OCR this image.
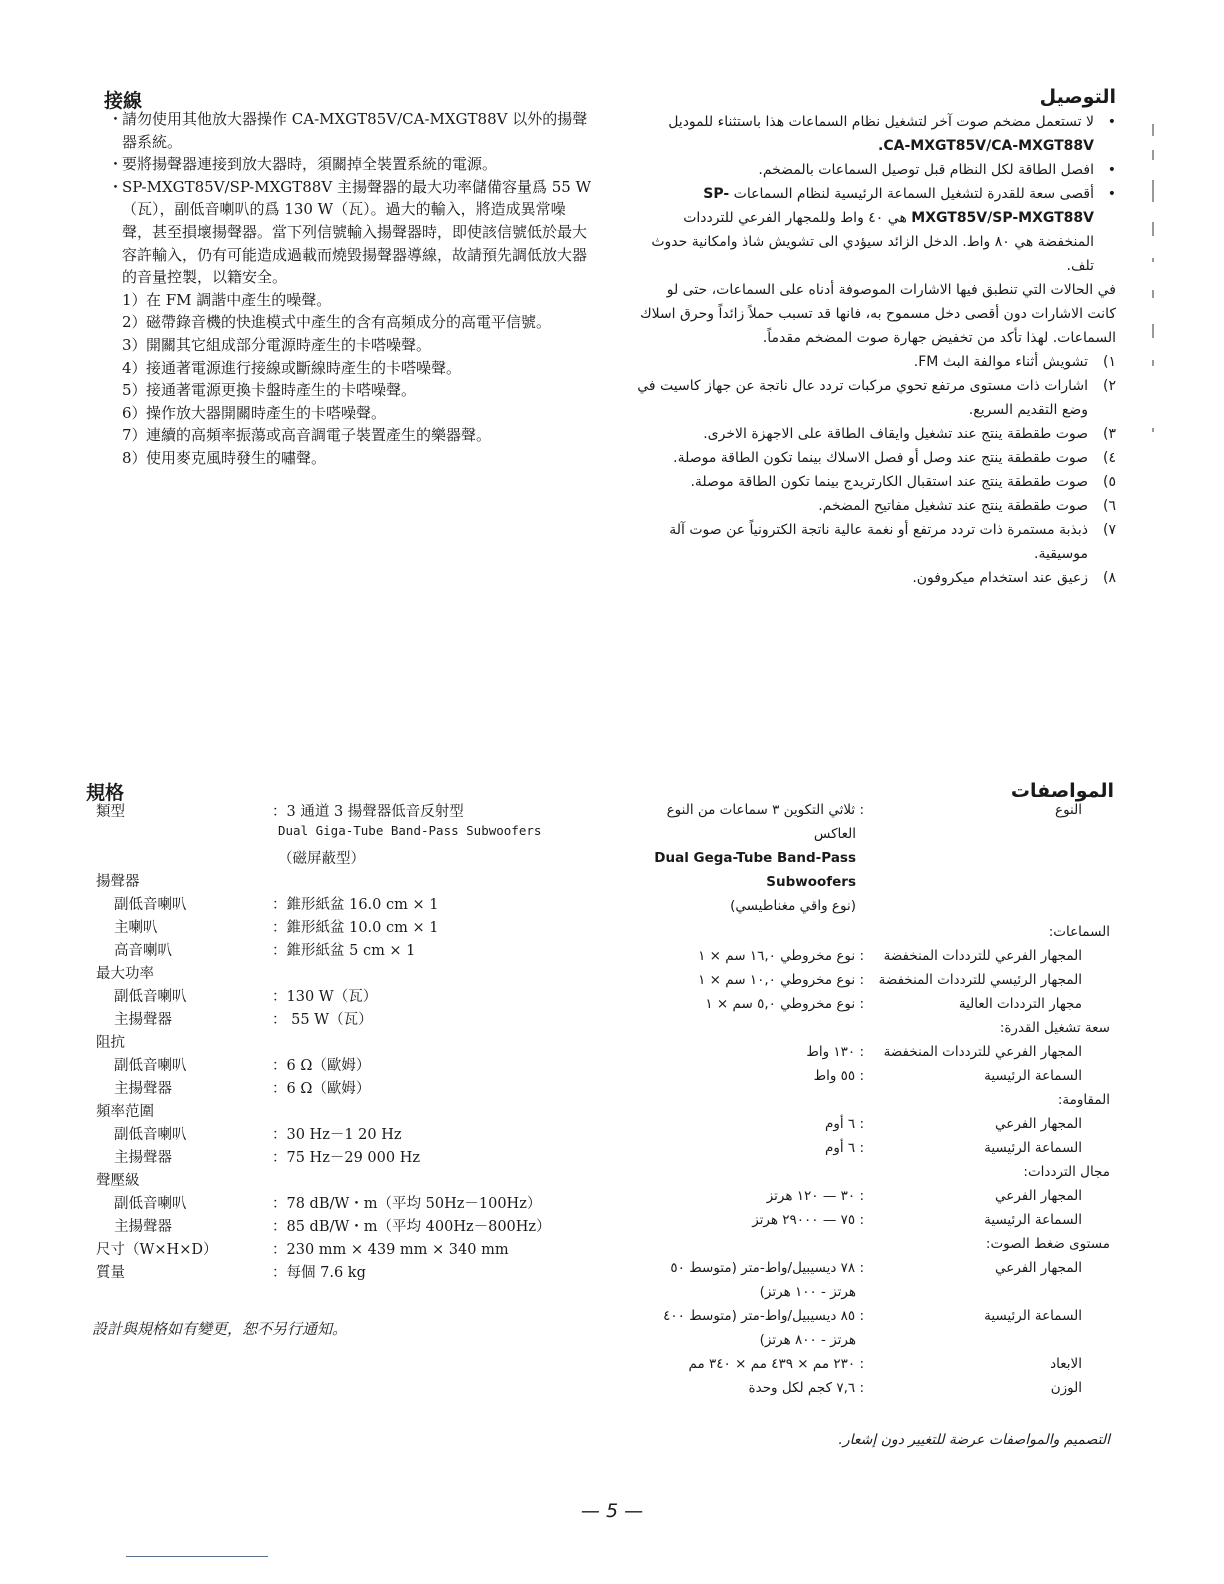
接線
・
請勿使用其他放大器操作 CA-MXGT85V/CA-MXGT88V 以外的揚聲器系統。
・
要將揚聲器連接到放大器時，須關掉全裝置系統的電源。
・
SP-MXGT85V/SP-MXGT88V 主揚聲器的最大功率儲備容量爲 55 W（瓦），副低音喇叭的爲 130 W（瓦）。過大的輸入，將造成異常噪聲，甚至損壞揚聲器。當下列信號輸入揚聲器時，即使該信號低於最大容許輸入，仍有可能造成過載而燒毀揚聲器導線，故請預先調低放大器的音量控製，以籍安全。
1） 在 FM 調諧中產生的噪聲。
2） 磁帶錄音機的快進模式中產生的含有高頻成分的高電平信號。
3） 開關其它組成部分電源時產生的卡嗒噪聲。
4） 接通著電源進行接線或斷線時產生的卡嗒噪聲。
5） 接通著電源更換卡盤時產生的卡嗒噪聲。
6） 操作放大器開關時產生的卡嗒噪聲。
7） 連續的高頻率振蕩或高音調電子裝置產生的樂器聲。
8） 使用麥克風時發生的嘯聲。
التوصيل
•
لا تستعمل مضخم صوت آخر لتشغيل نظام السماعات هذا باستثناء للموديل .CA-MXGT85V/CA-MXGT88V
•
افصل الطاقة لكل النظام قبل توصيل السماعات بالمضخم.
•
أقصى سعة للقدرة لتشغيل السماعة الرئيسية لنظام السماعات SP-MXGT85V/SP-MXGT88V هي ٤٠ واط وللمجهار الفرعي للترددات المنخفضة هي ٨٠ واط. الدخل الزائد سيؤدي الى تشويش شاذ وامكانية حدوث تلف.
في الحالات التي تنطبق فيها الاشارات الموصوفة أدناه على السماعات، حتى لو كانت الاشارات دون أقصى دخل مسموح به، فانها قد تسبب حملاً زائداً وحرق اسلاك السماعات. لهذا تأكد من تخفيض جهارة صوت المضخم مقدماً.
١)
تشويش أثناء موالفة البث FM.
٢)
اشارات ذات مستوى مرتفع تحوي مركبات تردد عال ناتجة عن جهاز كاسيت في وضع التقديم السريع.
٣)
صوت طقطقة ينتج عند تشغيل وايقاف الطاقة على الاجهزة الاخرى.
٤)
صوت طقطقة ينتج عند وصل أو فصل الاسلاك بينما تكون الطاقة موصلة.
٥)
صوت طقطقة ينتج عند استقبال الكارتريدج بينما تكون الطاقة موصلة.
٦)
صوت طقطقة ينتج عند تشغيل مفاتيح المضخم.
٧)
ذبذبة مستمرة ذات تردد مرتفع أو نغمة عالية ناتجة الكترونياً عن صوت آلة موسيقية.
٨)
زعيق عند استخدام ميكروفون.
規格
類型	：3 通道 3 揚聲器低音反射型
Dual Giga-Tube Band-Pass Subwoofers
（磁屏蔽型）
揚聲器
副低音喇叭	：錐形紙盆 16.0 cm × 1
主喇叭	：錐形紙盆 10.0 cm × 1
高音喇叭	：錐形紙盆 5 cm × 1
最大功率
副低音喇叭	：130 W（瓦）
主揚聲器	： 55 W（瓦）
阻抗
副低音喇叭	：6 Ω（歐姆）
主揚聲器	：6 Ω（歐姆）
頻率范圍
副低音喇叭	：30 Hz－1 20 Hz
主揚聲器	：75 Hz－29 000 Hz
聲壓級
副低音喇叭	：78 dB/W・m（平均 50Hz－100Hz）
主揚聲器	：85 dB/W・m（平均 400Hz－800Hz）
尺寸（W×H×D）	：230 mm × 439 mm × 340 mm
質量	：每個 7.6 kg
設計與規格如有變更，恕不另行通知。
المواصفات
النوع
: ثلاثي التكوين ٣ سماعات من النوع
العاكس
Dual Gega-Tube Band-Pass
Subwoofers
(نوع واقي مغناطيسي)
السماعات:
المجهار الفرعي للترددات المنخفضة
: نوع مخروطي ١٦,٠ سم × ١
المجهار الرئيسي للترددات المنخفضة
: نوع مخروطي ١٠,٠ سم × ١
مجهار الترددات العالية
: نوع مخروطي ٥,٠ سم × ١
سعة تشغيل القدرة:
المجهار الفرعي للترددات المنخفضة
: ١٣٠ واط
السماعة الرئيسية
: ٥٥ واط
المقاومة:
المجهار الفرعي
: ٦ أوم
السماعة الرئيسية
: ٦ أوم
مجال الترددات:
المجهار الفرعي
: ٣٠ — ١٢٠ هرتز
السماعة الرئيسية
: ٧٥ — ٢٩٠٠٠ هرتز
مستوى ضغط الصوت:
المجهار الفرعي
: ٧٨ ديسيبيل/واط-متر (متوسط ٥٠
هرتز - ١٠٠ هرتز)
السماعة الرئيسية
: ٨٥ ديسيبيل/واط-متر (متوسط ٤٠٠
هرتز - ٨٠٠ هرتز)
الابعاد
: ٢٣٠ مم × ٤٣٩ مم × ٣٤٠ مم
الوزن
: ٧,٦ كجم لكل وحدة
التصميم والمواصفات عرضة للتغيير دون إشعار.
— 5 —
